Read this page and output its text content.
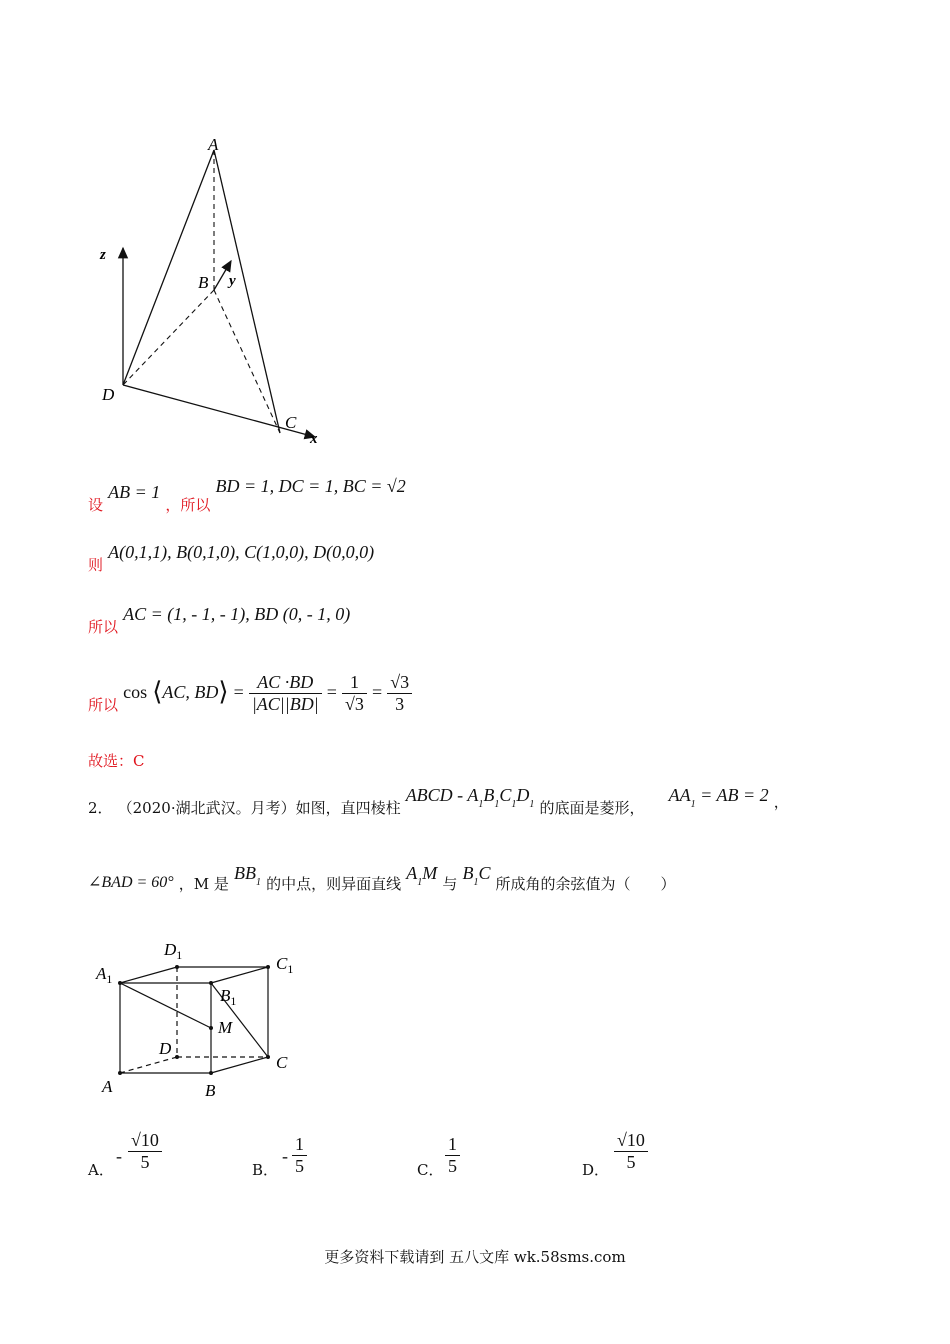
A
B
C
D
x
y
z
设 AB = 1 ，所以 BD = 1, DC = 1, BC = √2
则 A(0,1,1), B(0,1,0), C(1,0,0), D(0,0,0)
所以 AC = (1, - 1, - 1), BD (0, - 1, 0)
所以 cos ⟨AC, BD⟩ = $\frac{AC \cdot BD}{|AC||BD|} = \frac{1}{√3} = \frac{√3}{3}$
故选：C
2． （2020·湖北武汉。月考）如图，直四棱柱 ABCD - $A_1B_1C_1D_1$ 的底面是菱形，  $AA_1$ = AB = 2 ，
∠BAD = 60° ，M 是 $BB_1$ 的中点，则异面直线 $A_1M$ 与 $B_1C$ 所成角的余弦值为（　　）
$D_1$	$C_1$
$A_1$
$B_1$
M
D
C
A	B
A．
- $\frac{√10}{5}$	B．
- $\frac{1}{5}$	C． $\frac{1}{5}$	D． $\frac{√10}{5}$
更多资料下载请到 五八文库 wk.58sms.com
